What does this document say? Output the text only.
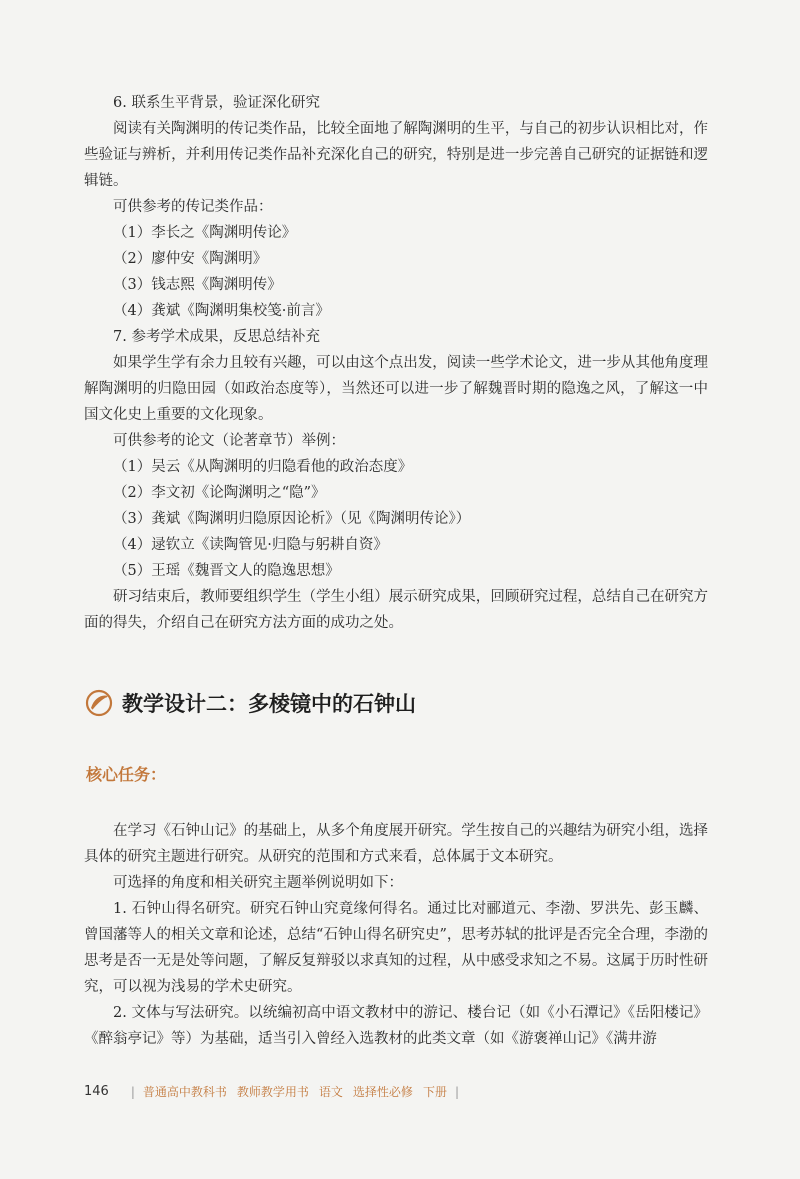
6. 联系生平背景，验证深化研究
阅读有关陶渊明的传记类作品，比较全面地了解陶渊明的生平，与自己的初步认识相比对，作些验证与辨析，并利用传记类作品补充深化自己的研究，特别是进一步完善自己研究的证据链和逻辑链。
可供参考的传记类作品：
（1）李长之《陶渊明传论》
（2）廖仲安《陶渊明》
（3）钱志熙《陶渊明传》
（4）龚斌《陶渊明集校笺·前言》
7. 参考学术成果，反思总结补充
如果学生学有余力且较有兴趣，可以由这个点出发，阅读一些学术论文，进一步从其他角度理解陶渊明的归隐田园（如政治态度等），当然还可以进一步了解魏晋时期的隐逸之风，了解这一中国文化史上重要的文化现象。
可供参考的论文（论著章节）举例：
（1）吴云《从陶渊明的归隐看他的政治态度》
（2）李文初《论陶渊明之“隐”》
（3）龚斌《陶渊明归隐原因论析》（见《陶渊明传论》）
（4）逯钦立《读陶管见·归隐与躬耕自资》
（5）王瑶《魏晋文人的隐逸思想》
研习结束后，教师要组织学生（学生小组）展示研究成果，回顾研究过程，总结自己在研究方面的得失，介绍自己在研究方法方面的成功之处。
教学设计二：多棱镜中的石钟山
核心任务：
在学习《石钟山记》的基础上，从多个角度展开研究。学生按自己的兴趣结为研究小组，选择具体的研究主题进行研究。从研究的范围和方式来看，总体属于文本研究。
可选择的角度和相关研究主题举例说明如下：
1. 石钟山得名研究。研究石钟山究竟缘何得名。通过比对郦道元、李渤、罗洪先、彭玉麟、曾国藩等人的相关文章和论述，总结“石钟山得名研究史”，思考苏轼的批评是否完全合理，李渤的思考是否一无是处等问题，了解反复辩驳以求真知的过程，从中感受求知之不易。这属于历时性研究，可以视为浅易的学术史研究。
2. 文体与写法研究。以统编初高中语文教材中的游记、楼台记（如《小石潭记》《岳阳楼记》《醉翁亭记》等）为基础，适当引入曾经入选教材的此类文章（如《游褒禅山记》《满井游
146 | 普通高中教科书 教师教学用书 语文 选择性必修 下册 |
